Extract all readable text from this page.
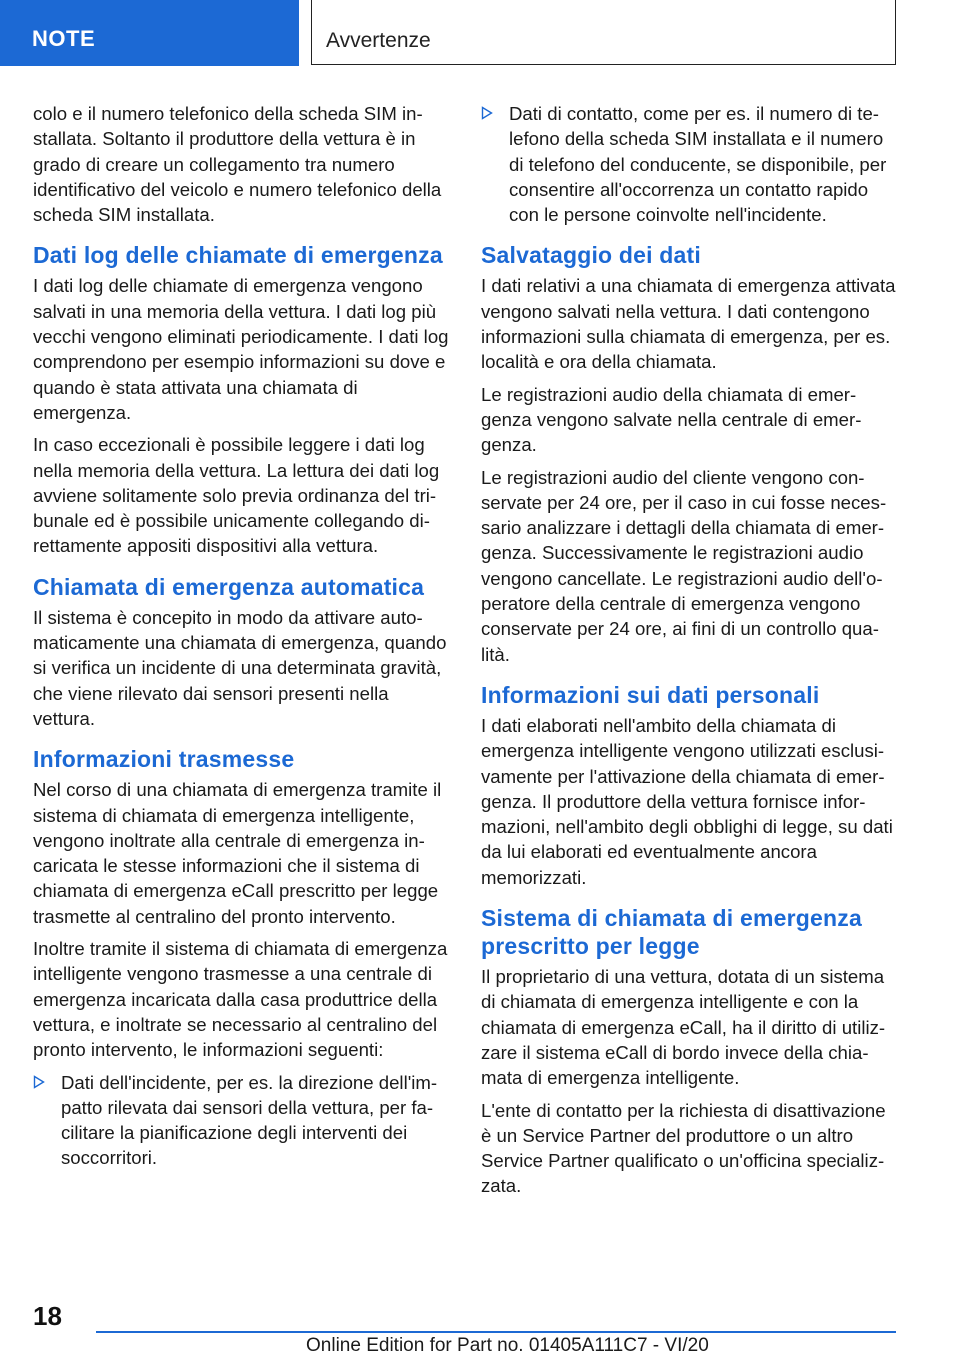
NOTE	Avvertenze

colo e il numero telefonico della scheda SIM installata. Soltanto il produttore della vettura è in grado di creare un collegamento tra numero identificativo del veicolo e numero telefonico della scheda SIM installata.

Dati log delle chiamate di emergenza

I dati log delle chiamate di emergenza vengono salvati in una memoria della vettura. I dati log più vecchi vengono eliminati periodicamente. I dati log comprendono per esempio informazioni su dove e quando è stata attivata una chiamata di emergenza.

In caso eccezionali è possibile leggere i dati log nella memoria della vettura. La lettura dei dati log avviene solitamente solo previa ordinanza del tribunale ed è possibile unicamente collegando direttamente appositi dispositivi alla vettura.

Chiamata di emergenza automatica

Il sistema è concepito in modo da attivare automaticamente una chiamata di emergenza, quando si verifica un incidente di una determinata gravità, che viene rilevato dai sensori presenti nella vettura.

Informazioni trasmesse

Nel corso di una chiamata di emergenza tramite il sistema di chiamata di emergenza intelligente, vengono inoltrate alla centrale di emergenza incaricata le stesse informazioni che il sistema di chiamata di emergenza eCall prescritto per legge trasmette al centralino del pronto intervento.

Inoltre tramite il sistema di chiamata di emergenza intelligente vengono trasmesse a una centrale di emergenza incaricata dalla casa produttrice della vettura, e inoltrate se necessario al centralino del pronto intervento, le informazioni seguenti:

Dati dell'incidente, per es. la direzione dell'impatto rilevata dai sensori della vettura, per facilitare la pianificazione degli interventi dei soccorritori.
Dati di contatto, come per es. il numero di telefono della scheda SIM installata e il numero di telefono del conducente, se disponibile, per consentire all'occorrenza un contatto rapido con le persone coinvolte nell'incidente.
Salvataggio dei dati

I dati relativi a una chiamata di emergenza attivata vengono salvati nella vettura. I dati contengono informazioni sulla chiamata di emergenza, per es. località e ora della chiamata.

Le registrazioni audio della chiamata di emergenza vengono salvate nella centrale di emergenza.

Le registrazioni audio del cliente vengono conservate per 24 ore, per il caso in cui fosse necessario analizzare i dettagli della chiamata di emergenza. Successivamente le registrazioni audio vengono cancellate. Le registrazioni audio dell'operatore della centrale di emergenza vengono conservate per 24 ore, ai fini di un controllo qualità.

Informazioni sui dati personali

I dati elaborati nell'ambito della chiamata di emergenza intelligente vengono utilizzati esclusivamente per l'attivazione della chiamata di emergenza. Il produttore della vettura fornisce informazioni, nell'ambito degli obblighi di legge, su dati da lui elaborati ed eventualmente ancora memorizzati.

Sistema di chiamata di emergenza prescritto per legge

Il proprietario di una vettura, dotata di un sistema di chiamata di emergenza intelligente e con la chiamata di emergenza eCall, ha il diritto di utilizzare il sistema eCall di bordo invece della chiamata di emergenza intelligente.

L'ente di contatto per la richiesta di disattivazione è un Service Partner del produttore o un altro Service Partner qualificato o un'officina specializzata.

18
Online Edition for Part no. 01405A111C7 - VI/20
